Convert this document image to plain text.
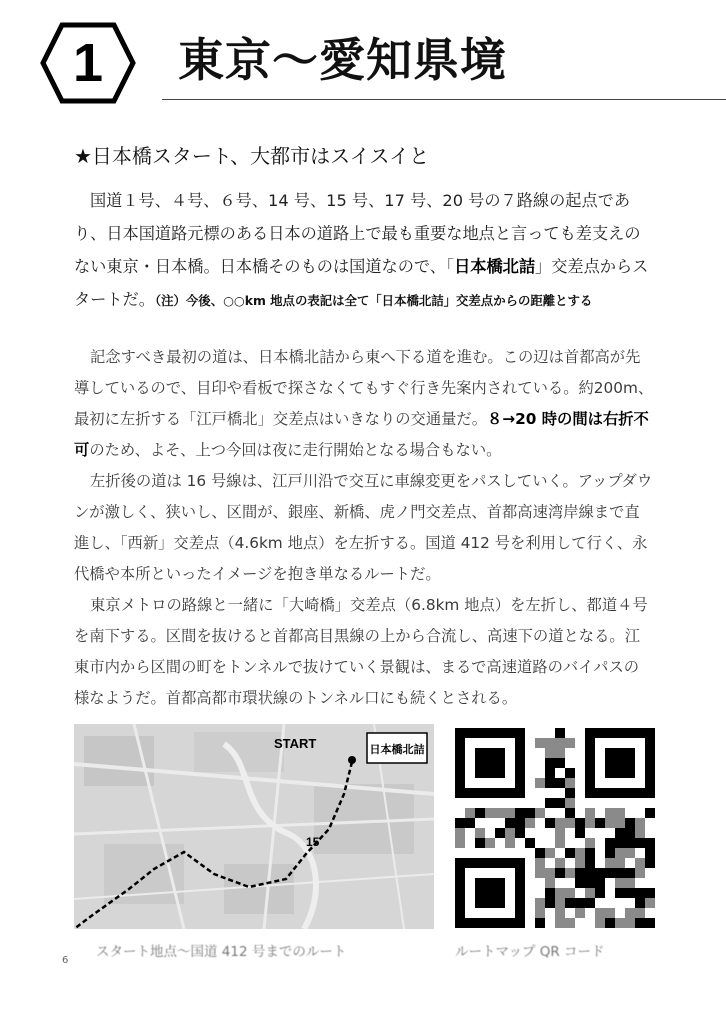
1 東京〜愛知県境
★日本橋スタート、大都市はスイスイと
国道１号、４号、６号、14 号、15 号、17 号、20 号の７路線の起点であり、日本国道路元標のある日本の道路上で最も重要な地点と言っても差支えのない東京・日本橋。日本橋そのものは国道なので、「日本橋北詰」交差点からスタートだ。（注）今後、○○km 地点の表記は全て「日本橋北詰」交差点からの距離とする

記念すべき最初の道は、日本橋北詰から東へ下る道を進む。この辺は首都高が先導しているので、目印や看板で探さなくてもすぐ行き先案内されている。約200m、最初に左折する「江戸橋北」交差点はいきなりの交通量だ。８→20 時の間は右折不可のため、よそ、上つ今回は夜に走行開始となる場合もない。

左折後の道は 16 号線は、江戸川沿で交互に車線変更をパスしていく。アップダウンが激しく、狭いし、区間が、銀座、新橋、虎ノ門交差点、首都高速湾岸線まで直進し、「西新」交差点（4.6km 地点）を左折する。国道 412 号を利用して行く、永代橋や本所といったイメージを抱き単なるルートだ。

東京メトロの路線と一緒に「大崎橋」交差点（6.8km 地点）を左折し、都道４号を南下する。区間を抜けると首都高目黒線の上から合流し、高速下の道となる。江東市内から区間の町をトンネルで抜けていく景観は、まるで高速道路のバイパスの様なようだ。首都高都市環状線のトンネル口にも続くとされる。

START	日本橋北詰
15
スタート地点〜国道 412 号までのルート	ルートマップ QR コード
6
